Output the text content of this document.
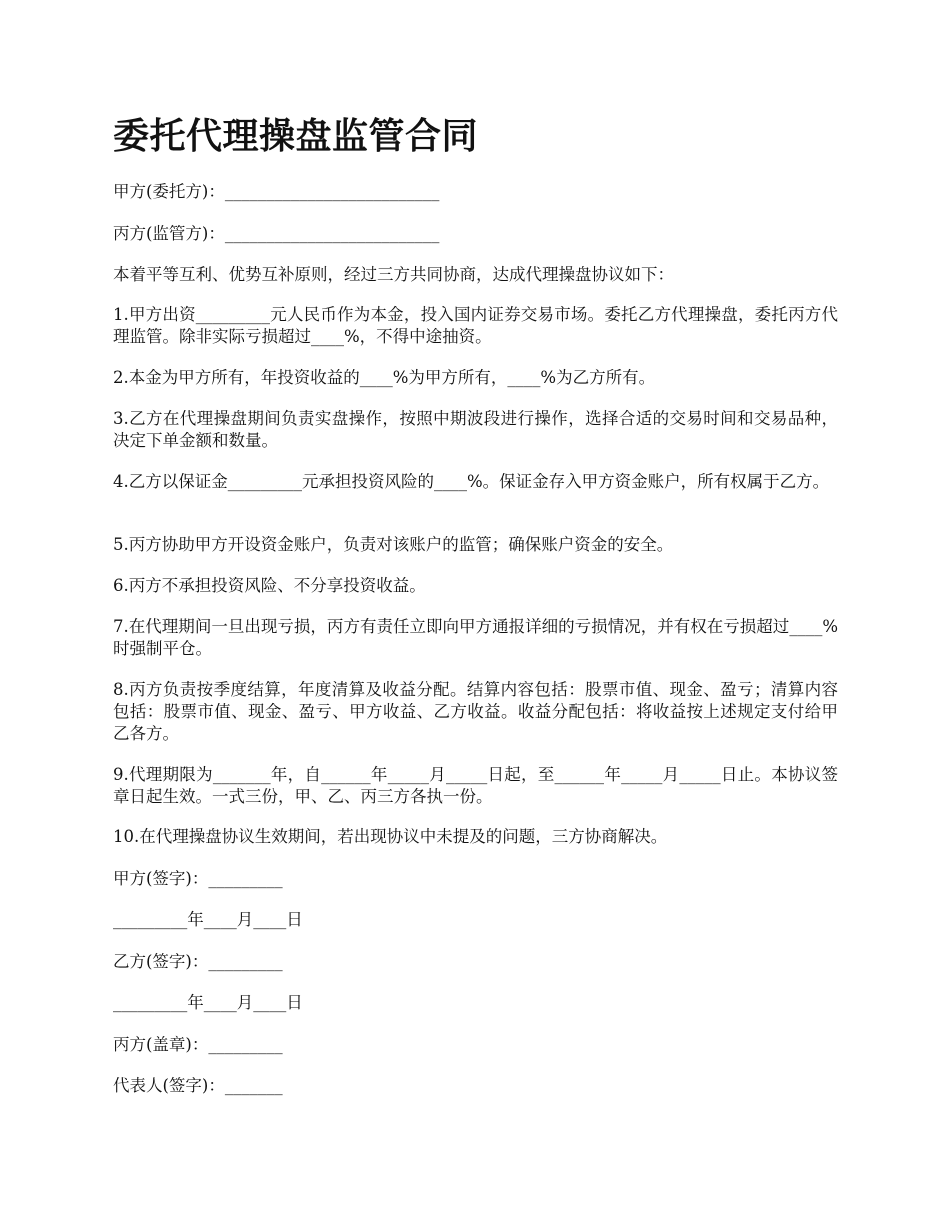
委托代理操盘监管合同

甲方(委托方)：__________________________

丙方(监管方)：__________________________

本着平等互利、优势互补原则，经过三方共同协商，达成代理操盘协议如下：

1.甲方出资_________元人民币作为本金，投入国内证券交易市场。委托乙方代理操盘，委托丙方代理监管。除非实际亏损超过____%，不得中途抽资。

2.本金为甲方所有，年投资收益的____%为甲方所有，____%为乙方所有。

3.乙方在代理操盘期间负责实盘操作，按照中期波段进行操作，选择合适的交易时间和交易品种，决定下单金额和数量。

4.乙方以保证金_________元承担投资风险的____%。保证金存入甲方资金账户，所有权属于乙方。

5.丙方协助甲方开设资金账户，负责对该账户的监管；确保账户资金的安全。

6.丙方不承担投资风险、不分享投资收益。

7.在代理期间一旦出现亏损，丙方有责任立即向甲方通报详细的亏损情况，并有权在亏损超过____%时强制平仓。

8.丙方负责按季度结算，年度清算及收益分配。结算内容包括：股票市值、现金、盈亏；清算内容包括：股票市值、现金、盈亏、甲方收益、乙方收益。收益分配包括：将收益按上述规定支付给甲乙各方。

9.代理期限为_______年，自______年_____月_____日起，至______年_____月_____日止。本协议签章日起生效。一式三份，甲、乙、丙三方各执一份。

10.在代理操盘协议生效期间，若出现协议中未提及的问题，三方协商解决。

甲方(签字)：_________

_________年____月____日

乙方(签字)：_________

_________年____月____日

丙方(盖章)：_________

代表人(签字)：_______
